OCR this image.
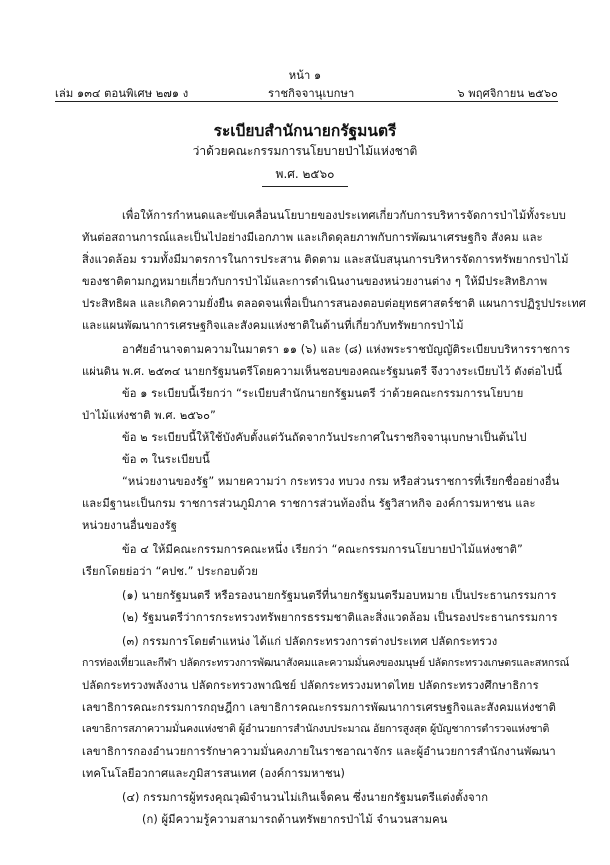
หน้า ๑
เล่ม ๑๓๔ ตอนพิเศษ ๒๗๑ ง	ราชกิจจานุเบกษา	๖ พฤศจิกายน ๒๕๖๐
ระเบียบสำนักนายกรัฐมนตรี
ว่าด้วยคณะกรรมการนโยบายป่าไม้แห่งชาติ
พ.ศ. ๒๕๖๐
เพื่อให้การกำหนดและขับเคลื่อนนโยบายของประเทศเกี่ยวกับการบริหารจัดการป่าไม้ทั้งระบบ
ทันต่อสถานการณ์และเป็นไปอย่างมีเอกภาพ และเกิดดุลยภาพกับการพัฒนาเศรษฐกิจ สังคม และ
สิ่งแวดล้อม รวมทั้งมีมาตรการในการประสาน ติดตาม และสนับสนุนการบริหารจัดการทรัพยากรป่าไม้
ของชาติตามกฎหมายเกี่ยวกับการป่าไม้และการดำเนินงานของหน่วยงานต่าง ๆ ให้มีประสิทธิภาพ
ประสิทธิผล และเกิดความยั่งยืน ตลอดจนเพื่อเป็นการสนองตอบต่อยุทธศาสตร์ชาติ แผนการปฏิรูปประเทศ
และแผนพัฒนาการเศรษฐกิจและสังคมแห่งชาติในด้านที่เกี่ยวกับทรัพยากรป่าไม้
อาศัยอำนาจตามความในมาตรา ๑๑ (๖) และ (๘) แห่งพระราชบัญญัติระเบียบบริหารราชการ
แผ่นดิน พ.ศ. ๒๕๓๔ นายกรัฐมนตรีโดยความเห็นชอบของคณะรัฐมนตรี จึงวางระเบียบไว้ ดังต่อไปนี้
ข้อ ๑ ระเบียบนี้เรียกว่า “ระเบียบสำนักนายกรัฐมนตรี ว่าด้วยคณะกรรมการนโยบาย
ป่าไม้แห่งชาติ พ.ศ. ๒๕๖๐”
ข้อ ๒ ระเบียบนี้ให้ใช้บังคับตั้งแต่วันถัดจากวันประกาศในราชกิจจานุเบกษาเป็นต้นไป
ข้อ ๓ ในระเบียบนี้
“หน่วยงานของรัฐ” หมายความว่า กระทรวง ทบวง กรม หรือส่วนราชการที่เรียกชื่ออย่างอื่น
และมีฐานะเป็นกรม ราชการส่วนภูมิภาค ราชการส่วนท้องถิ่น รัฐวิสาหกิจ องค์การมหาชน และ
หน่วยงานอื่นของรัฐ
ข้อ ๔ ให้มีคณะกรรมการคณะหนึ่ง เรียกว่า “คณะกรรมการนโยบายป่าไม้แห่งชาติ”
เรียกโดยย่อว่า “คปช.” ประกอบด้วย
(๑) นายกรัฐมนตรี หรือรองนายกรัฐมนตรีที่นายกรัฐมนตรีมอบหมาย เป็นประธานกรรมการ
(๒) รัฐมนตรีว่าการกระทรวงทรัพยากรธรรมชาติและสิ่งแวดล้อม เป็นรองประธานกรรมการ
(๓) กรรมการโดยตำแหน่ง ได้แก่ ปลัดกระทรวงการต่างประเทศ ปลัดกระทรวง
การท่องเที่ยวและกีฬา ปลัดกระทรวงการพัฒนาสังคมและความมั่นคงของมนุษย์ ปลัดกระทรวงเกษตรและสหกรณ์
ปลัดกระทรวงพลังงาน ปลัดกระทรวงพาณิชย์ ปลัดกระทรวงมหาดไทย ปลัดกระทรวงศึกษาธิการ
เลขาธิการคณะกรรมการกฤษฎีกา เลขาธิการคณะกรรมการพัฒนาการเศรษฐกิจและสังคมแห่งชาติ
เลขาธิการสภาความมั่นคงแห่งชาติ ผู้อำนวยการสำนักงบประมาณ อัยการสูงสุด ผู้บัญชาการตำรวจแห่งชาติ
เลขาธิการกองอำนวยการรักษาความมั่นคงภายในราชอาณาจักร และผู้อำนวยการสำนักงานพัฒนา
เทคโนโลยีอวกาศและภูมิสารสนเทศ (องค์การมหาชน)
(๔) กรรมการผู้ทรงคุณวุฒิจำนวนไม่เกินเจ็ดคน ซึ่งนายกรัฐมนตรีแต่งตั้งจาก
(ก) ผู้มีความรู้ความสามารถด้านทรัพยากรป่าไม้ จำนวนสามคน
